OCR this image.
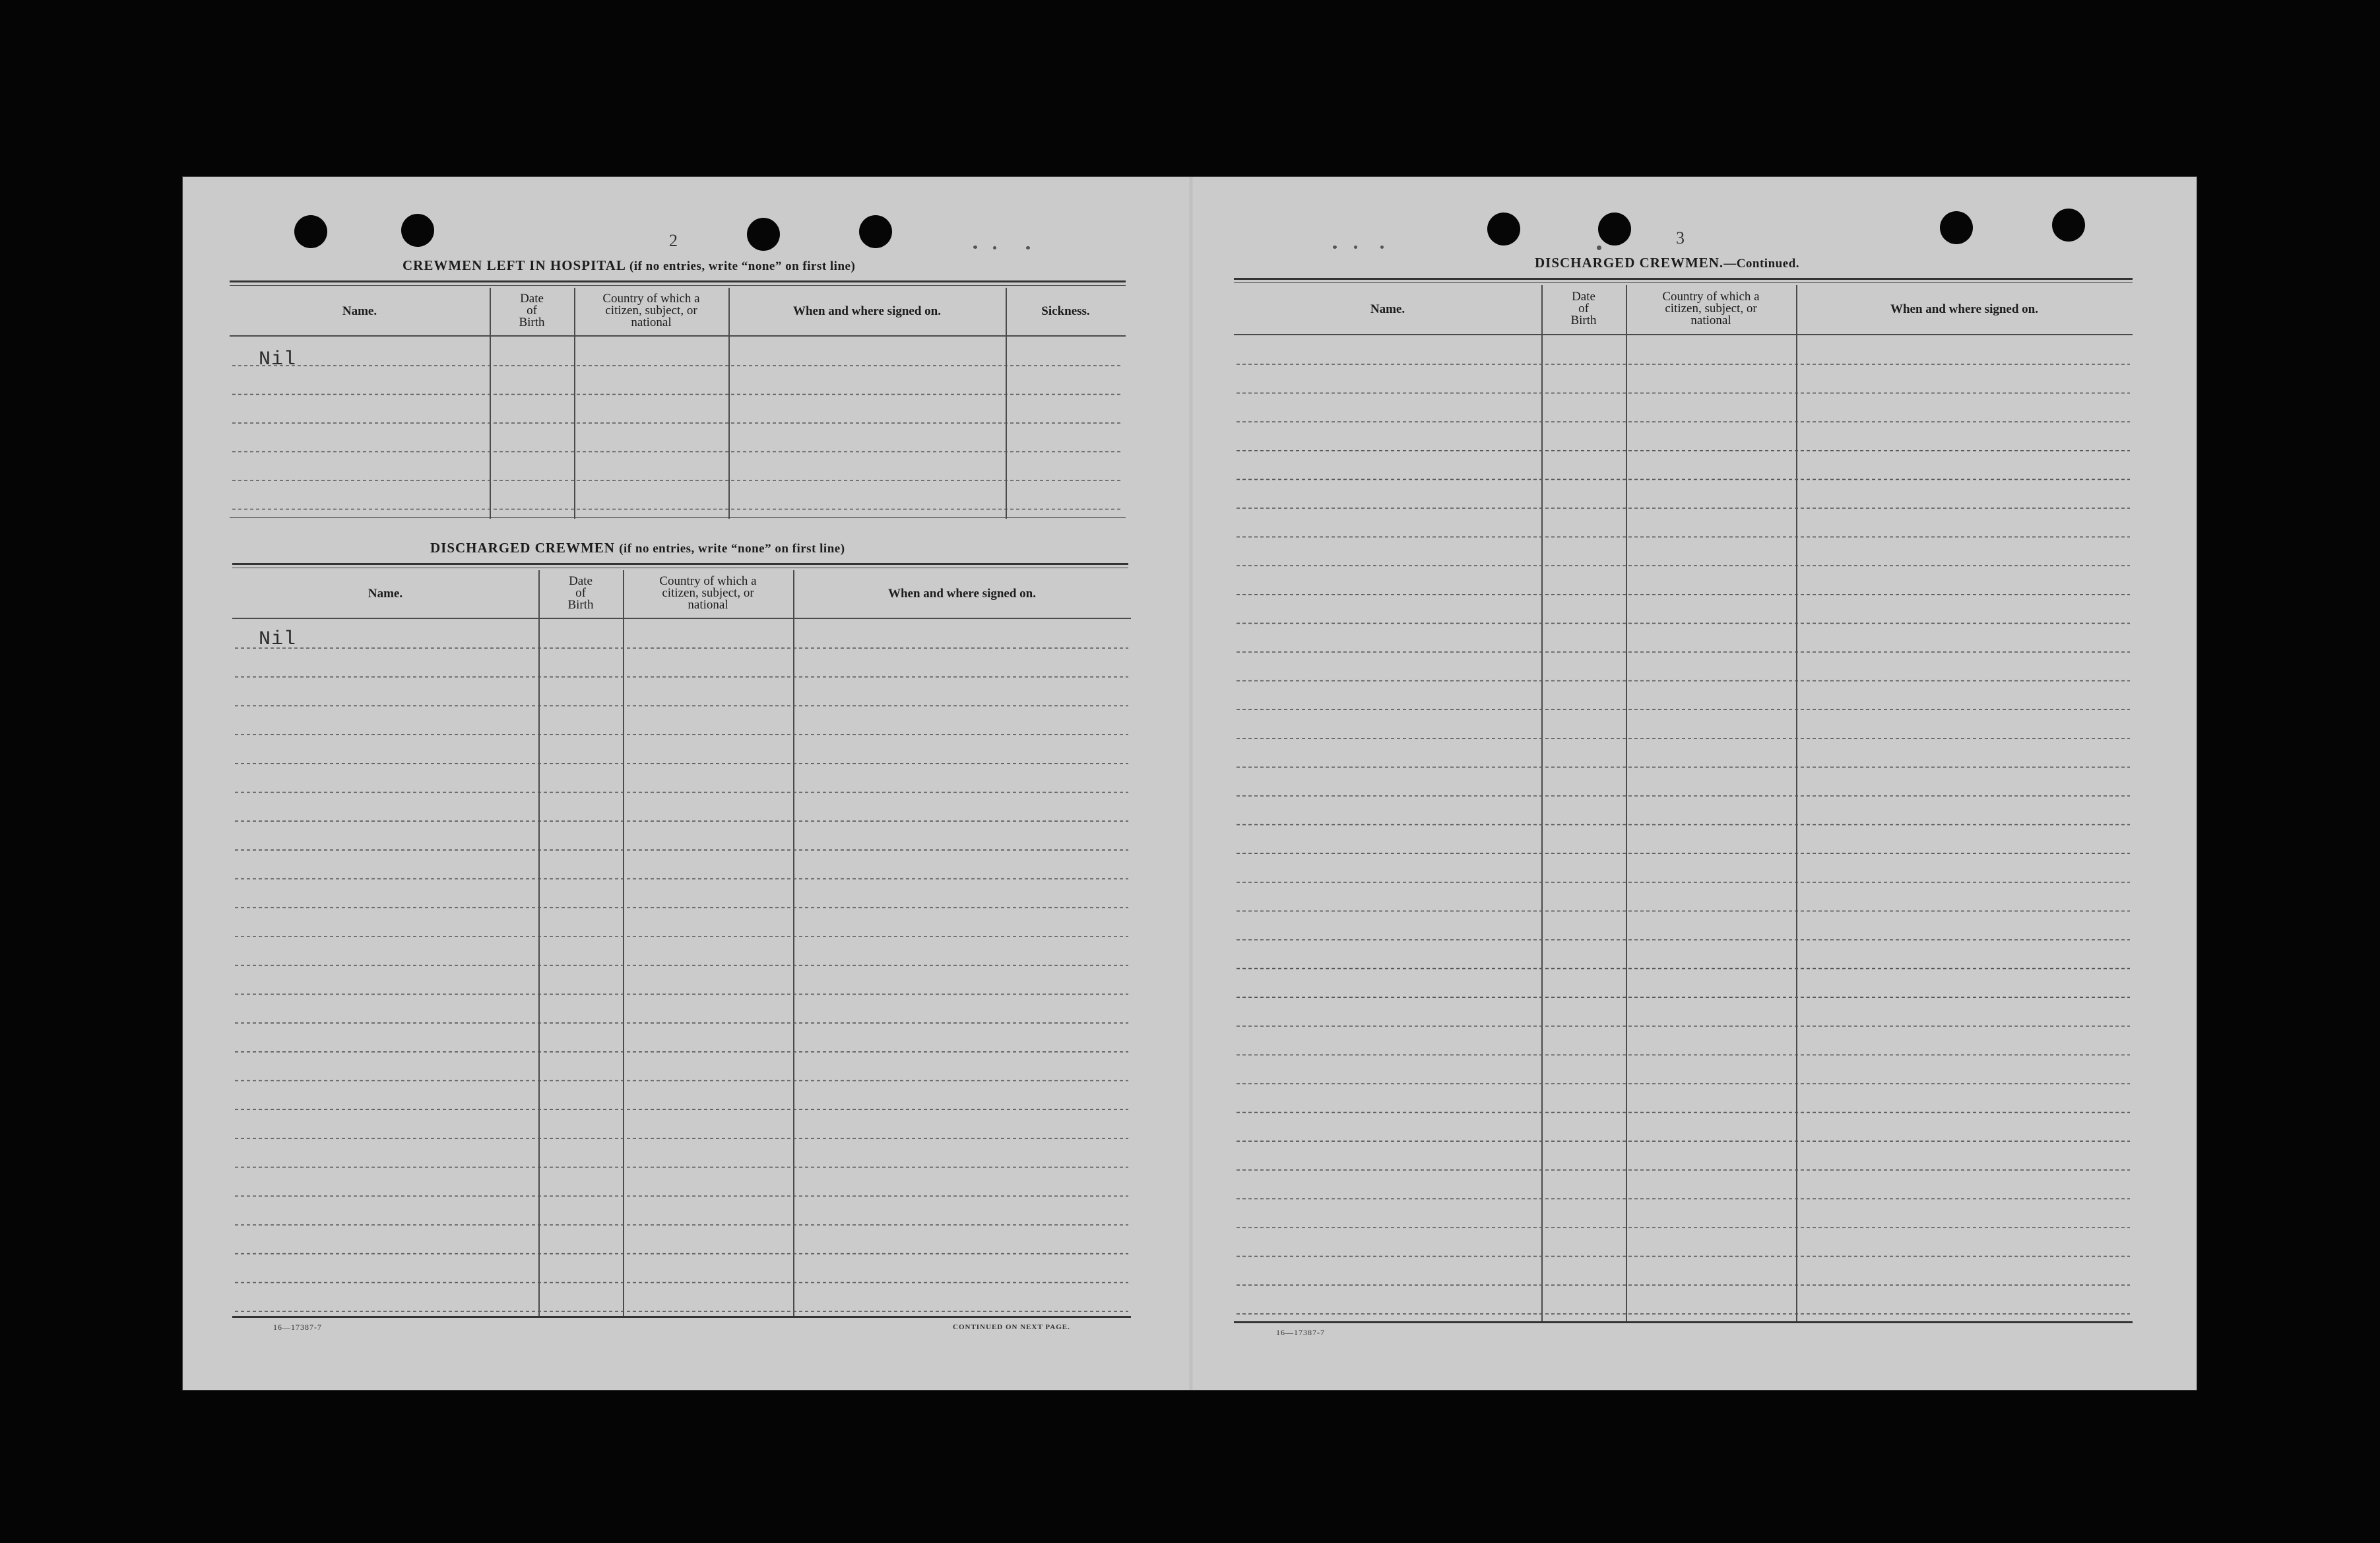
2
CREWMEN LEFT IN HOSPITAL (if no entries, write “none” on first line)
Name.
Date
of
Birth
Country of which a
citizen, subject, or
national
When and where signed on.	Sickness.
Nil
DISCHARGED CREWMEN (if no entries, write “none” on first line)
Name.
Date
of
Birth
Country of which a
citizen, subject, or
national
When and where signed on.
Nil
16—17387-7	CONTINUED ON NEXT PAGE.
3
DISCHARGED CREWMEN.—Continued.
Name.
Date
of
Birth
Country of which a
citizen, subject, or
national
When and where signed on.
16—17387-7
